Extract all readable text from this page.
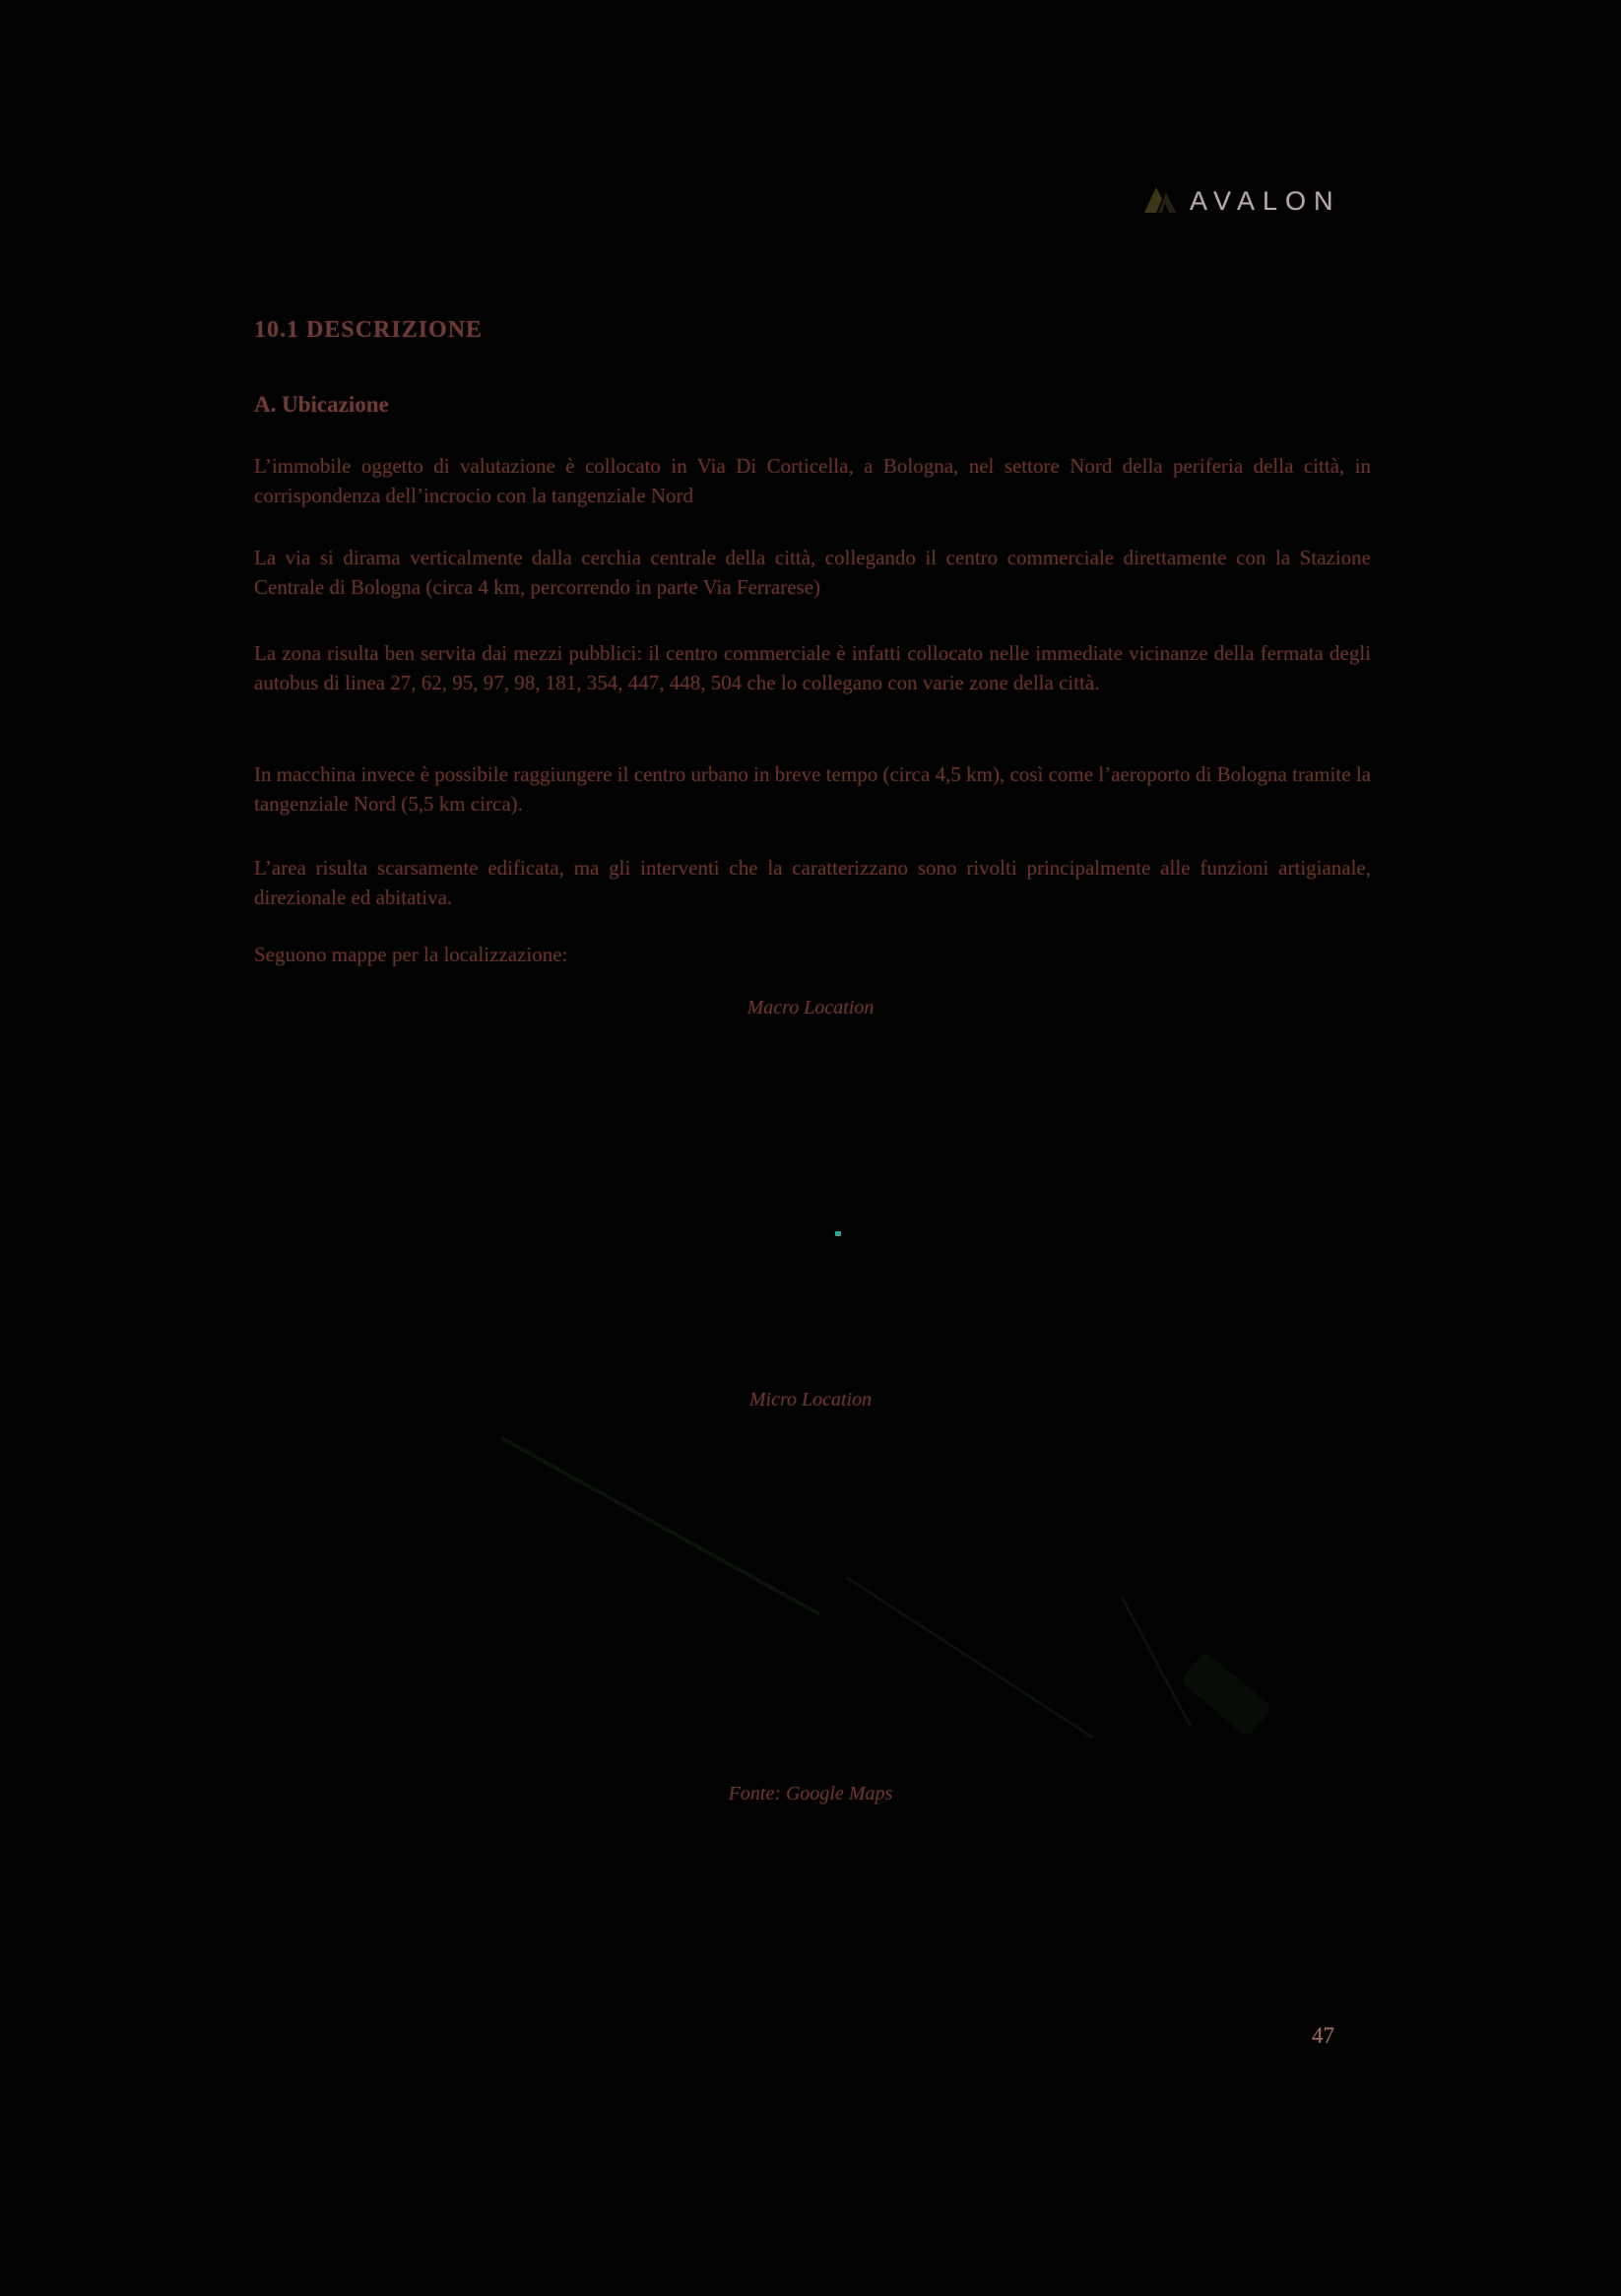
AVALON
10.1 DESCRIZIONE
A. Ubicazione
L’immobile oggetto di valutazione è collocato in Via Di Corticella, a Bologna, nel settore Nord della periferia della città, in corrispondenza dell’incrocio con la tangenziale Nord
La via si dirama verticalmente dalla cerchia centrale della città, collegando il centro commerciale direttamente con la Stazione Centrale di Bologna (circa 4 km, percorrendo in parte Via Ferrarese)
La zona risulta ben servita dai mezzi pubblici: il centro commerciale è infatti collocato nelle immediate vicinanze della fermata degli autobus di linea 27, 62, 95, 97, 98, 181, 354, 447, 448, 504 che lo collegano con varie zone della città.
In macchina invece è possibile raggiungere il centro urbano in breve tempo (circa 4,5 km), così come l’aeroporto di Bologna tramite la tangenziale Nord (5,5 km circa).
L’area risulta scarsamente edificata, ma gli interventi che la caratterizzano sono rivolti principalmente alle funzioni artigianale, direzionale ed abitativa.
Seguono mappe per la localizzazione:
Macro Location
Micro Location
Fonte: Google Maps
47
